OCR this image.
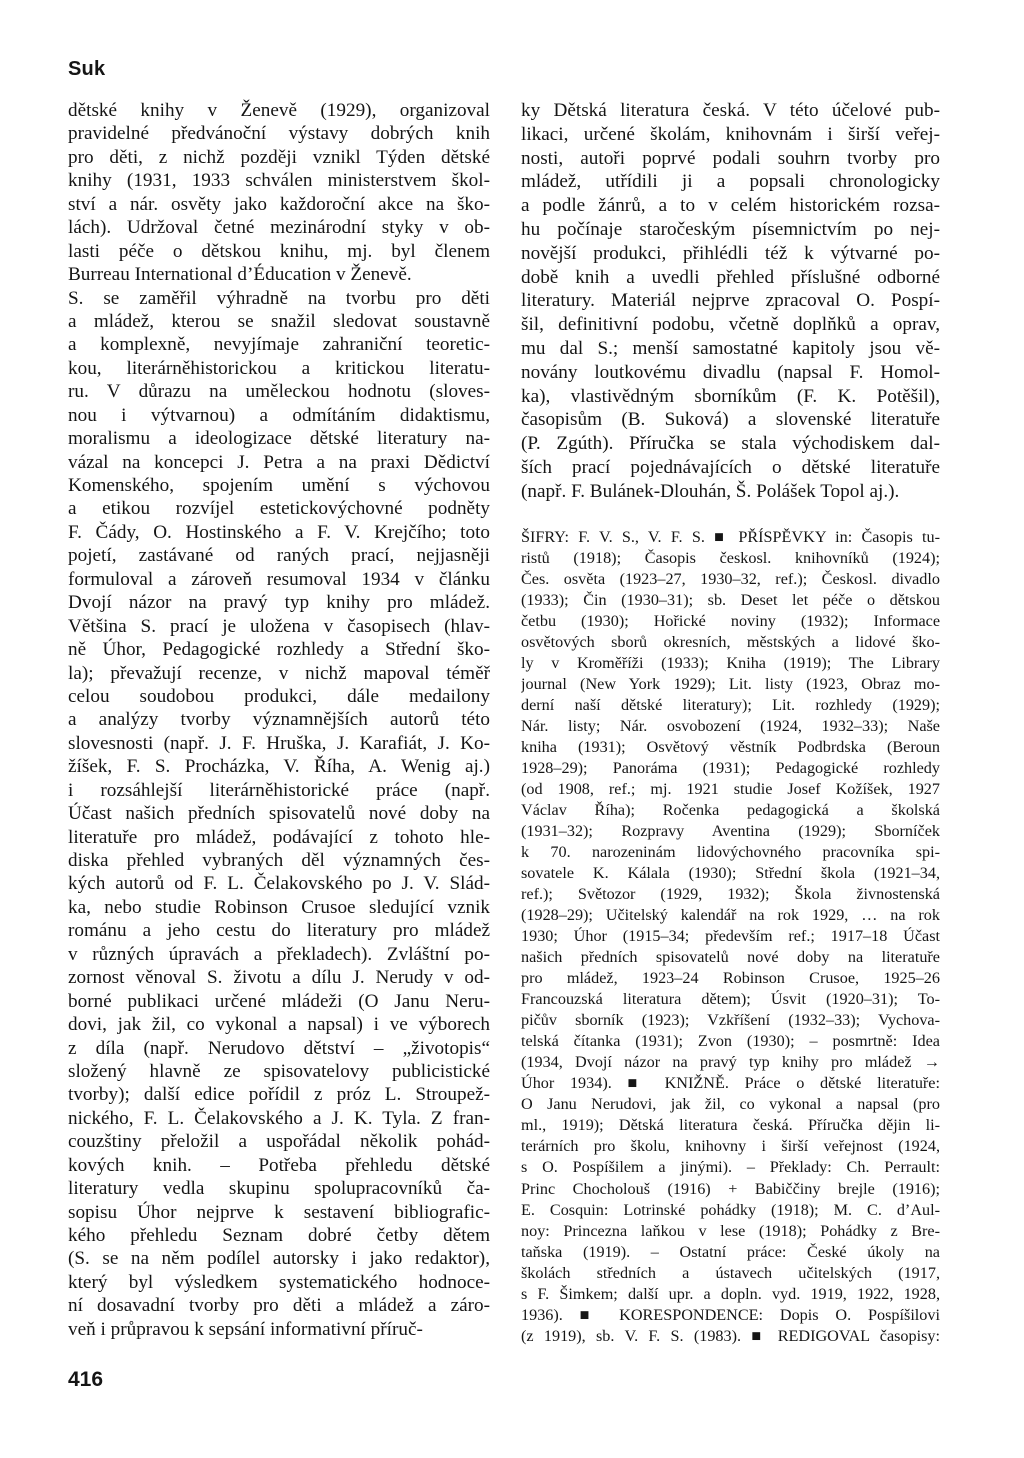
Suk
dětské knihy v Ženevě (1929), organizoval
pravidelné předvánoční výstavy dobrých knih
pro děti, z nichž později vznikl Týden dětské
knihy (1931, 1933 schválen ministerstvem škol-
ství a nár. osvěty jako každoroční akce na ško-
lách). Udržoval četné mezinárodní styky v ob-
lasti péče o dětskou knihu, mj. byl členem
Burreau International d’Éducation v Ženevě.
S. se zaměřil výhradně na tvorbu pro děti
a mládež, kterou se snažil sledovat soustavně
a komplexně, nevyjímaje zahraniční teoretic-
kou, literárněhistorickou a kritickou literatu-
ru. V důrazu na uměleckou hodnotu (sloves-
nou i výtvarnou) a odmítáním didaktismu,
moralismu a ideologizace dětské literatury na-
vázal na koncepci J. Petra a na praxi Dědictví
Komenského, spojením umění s výchovou
a etikou rozvíjel estetickovýchovné podněty
F. Čády, O. Hostinského a F. V. Krejčího; toto
pojetí, zastávané od raných prací, nejjasněji
formuloval a zároveň resumoval 1934 v článku
Dvojí názor na pravý typ knihy pro mládež.
Většina S. prací je uložena v časopisech (hlav-
ně Úhor, Pedagogické rozhledy a Střední ško-
la); převažují recenze, v nichž mapoval téměř
celou soudobou produkci, dále medailony
a analýzy tvorby významnějších autorů této
slovesnosti (např. J. F. Hruška, J. Karafiát, J. Ko-
žíšek, F. S. Procházka, V. Říha, A. Wenig aj.)
i rozsáhlejší literárněhistorické práce (např.
Účast našich předních spisovatelů nové doby na
literatuře pro mládež, podávající z tohoto hle-
diska přehled vybraných děl významných čes-
kých autorů od F. L. Čelakovského po J. V. Slád-
ka, nebo studie Robinson Crusoe sledující vznik
románu a jeho cestu do literatury pro mládež
v různých úpravách a překladech). Zvláštní po-
zornost věnoval S. životu a dílu J. Nerudy v od-
borné publikaci určené mládeži (O Janu Neru-
dovi, jak žil, co vykonal a napsal) i ve výborech
z díla (např. Nerudovo dětství – „životopis“
složený hlavně ze spisovatelovy publicistické
tvorby); další edice pořídil z próz L. Stroupež-
nického, F. L. Čelakovského a J. K. Tyla. Z fran-
couzštiny přeložil a uspořádal několik pohád-
kových knih. – Potřeba přehledu dětské
literatury vedla skupinu spolupracovníků ča-
sopisu Úhor nejprve k sestavení bibliografic-
kého přehledu Seznam dobré četby dětem
(S. se na něm podílel autorsky i jako redaktor),
který byl výsledkem systematického hodnoce-
ní dosavadní tvorby pro děti a mládež a záro-
veň i průpravou k sepsání informativní příruč-
ky Dětská literatura česká. V této účelové pub-
likaci, určené školám, knihovnám i širší veřej-
nosti, autoři poprvé podali souhrn tvorby pro
mládež, utřídili ji a popsali chronologicky
a podle žánrů, a to v celém historickém rozsa-
hu počínaje staročeským písemnictvím po nej-
novější produkci, přihlédli též k výtvarné po-
době knih a uvedli přehled příslušné odborné
literatury. Materiál nejprve zpracoval O. Pospí-
šil, definitivní podobu, včetně doplňků a oprav,
mu dal S.; menší samostatné kapitoly jsou vě-
novány loutkovému divadlu (napsal F. Homol-
ka), vlastivědným sborníkům (F. K. Potěšil),
časopisům (B. Suková) a slovenské literatuře
(P. Zgúth). Příručka se stala východiskem dal-
ších prací pojednávajících o dětské literatuře
(např. F. Bulánek-Dlouhán, Š. Polášek Topol aj.).
ŠIFRY: F. V. S., V. F. S. ■ PŘÍSPĚVKY in: Časopis tu-
ristů (1918); Časopis českosl. knihovníků (1924);
Čes. osvěta (1923–27, 1930–32, ref.); Českosl. divadlo
(1933); Čin (1930–31); sb. Deset let péče o dětskou
četbu (1930); Hořické noviny (1932); Informace
osvětových sborů okresních, městských a lidové ško-
ly v Kroměříži (1933); Kniha (1919); The Library
journal (New York 1929); Lit. listy (1923, Obraz mo-
derní naší dětské literatury); Lit. rozhledy (1929);
Nár. listy; Nár. osvobození (1924, 1932–33); Naše
kniha (1931); Osvětový věstník Podbrdska (Beroun
1928–29); Panoráma (1931); Pedagogické rozhledy
(od 1908, ref.; mj. 1921 studie Josef Kožíšek, 1927
Václav Říha); Ročenka pedagogická a školská
(1931–32); Rozpravy Aventina (1929); Sborníček
k 70. narozeninám lidovýchovného pracovníka spi-
sovatele K. Kálala (1930); Střední škola (1921–34,
ref.); Světozor (1929, 1932); Škola živnostenská
(1928–29); Učitelský kalendář na rok 1929, … na rok
1930; Úhor (1915–34; především ref.; 1917–18 Účast
našich předních spisovatelů nové doby na literatuře
pro mládež, 1923–24 Robinson Crusoe, 1925–26
Francouzská literatura dětem); Úsvit (1920–31); To-
pičův sborník (1923); Vzkříšení (1932–33); Vychova-
telská čítanka (1931); Zvon (1930); – posmrtně: Idea
(1934, Dvojí názor na pravý typ knihy pro mládež →
Úhor 1934). ■ KNIŽNĚ. Práce o dětské literatuře:
O Janu Nerudovi, jak žil, co vykonal a napsal (pro
ml., 1919); Dětská literatura česká. Příručka dějin li-
terárních pro školu, knihovny i širší veřejnost (1924,
s O. Pospíšilem a jinými). – Překlady: Ch. Perrault:
Princ Chocholouš (1916) + Babiččiny brejle (1916);
E. Cosquin: Lotrinské pohádky (1918); M. C. d’Aul-
noy: Princezna laňkou v lese (1918); Pohádky z Bre-
taňska (1919). – Ostatní práce: České úkoly na
školách středních a ústavech učitelských (1917,
s F. Šimkem; další upr. a dopln. vyd. 1919, 1922, 1928,
1936). ■ KORESPONDENCE: Dopis O. Pospíšilovi
(z 1919), sb. V. F. S. (1983). ■ REDIGOVAL časopisy:
416
